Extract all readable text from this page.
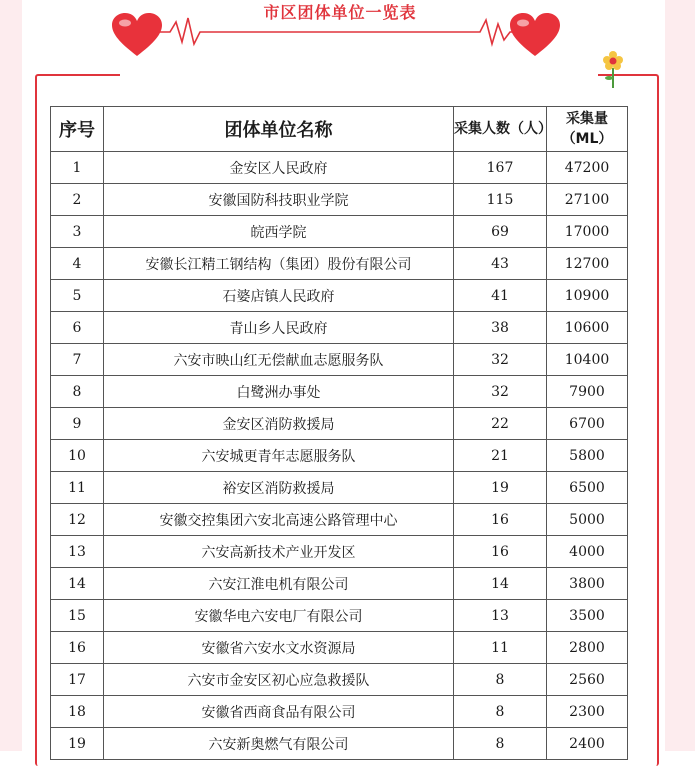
市区团体单位一览表
序号	团体单位名称	采集人数（人）	采集量（ML）
1	金安区人民政府	167	47200
2	安徽国防科技职业学院	115	27100
3	皖西学院	69	17000
4	安徽长江精工钢结构（集团）股份有限公司	43	12700
5	石婆店镇人民政府	41	10900
6	青山乡人民政府	38	10600
7	六安市映山红无偿献血志愿服务队	32	10400
8	白鹭洲办事处	32	7900
9	金安区消防救援局	22	6700
10	六安城更青年志愿服务队	21	5800
11	裕安区消防救援局	19	6500
12	安徽交控集团六安北高速公路管理中心	16	5000
13	六安高新技术产业开发区	16	4000
14	六安江淮电机有限公司	14	3800
15	安徽华电六安电厂有限公司	13	3500
16	安徽省六安水文水资源局	11	2800
17	六安市金安区初心应急救援队	8	2560
18	安徽省西商食品有限公司	8	2300
19	六安新奥燃气有限公司	8	2400
